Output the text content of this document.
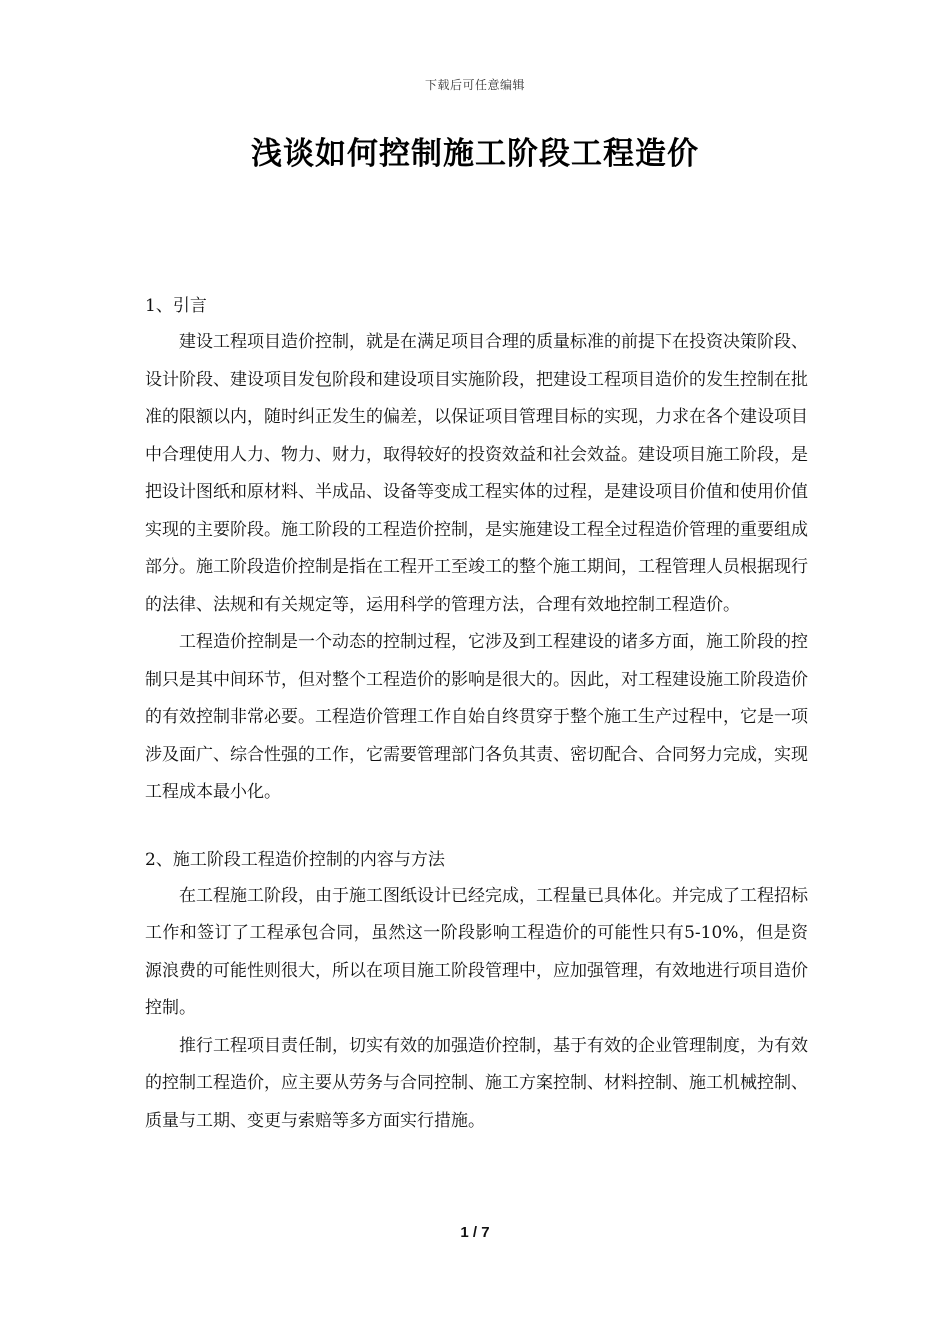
下载后可任意编辑
浅谈如何控制施工阶段工程造价

1、引言

建设工程项目造价控制，就是在满足项目合理的质量标准的前提下在投资决策阶段、设计阶段、建设项目发包阶段和建设项目实施阶段，把建设工程项目造价的发生控制在批准的限额以内，随时纠正发生的偏差，以保证项目管理目标的实现，力求在各个建设项目中合理使用人力、物力、财力，取得较好的投资效益和社会效益。建设项目施工阶段，是把设计图纸和原材料、半成品、设备等变成工程实体的过程，是建设项目价值和使用价值实现的主要阶段。施工阶段的工程造价控制，是实施建设工程全过程造价管理的重要组成部分。施工阶段造价控制是指在工程开工至竣工的整个施工期间，工程管理人员根据现行的法律、法规和有关规定等，运用科学的管理方法，合理有效地控制工程造价。

工程造价控制是一个动态的控制过程，它涉及到工程建设的诸多方面，施工阶段的控制只是其中间环节，但对整个工程造价的影响是很大的。因此，对工程建设施工阶段造价的有效控制非常必要。工程造价管理工作自始自终贯穿于整个施工生产过程中，它是一项涉及面广、综合性强的工作，它需要管理部门各负其责、密切配合、合同努力完成，实现工程成本最小化。

2、施工阶段工程造价控制的内容与方法

在工程施工阶段，由于施工图纸设计已经完成，工程量已具体化。并完成了工程招标工作和签订了工程承包合同，虽然这一阶段影响工程造价的可能性只有5-10%，但是资源浪费的可能性则很大，所以在项目施工阶段管理中，应加强管理，有效地进行项目造价控制。

推行工程项目责任制，切实有效的加强造价控制，基于有效的企业管理制度，为有效的控制工程造价，应主要从劳务与合同控制、施工方案控制、材料控制、施工机械控制、质量与工期、变更与索赔等多方面实行措施。

1 / 7
